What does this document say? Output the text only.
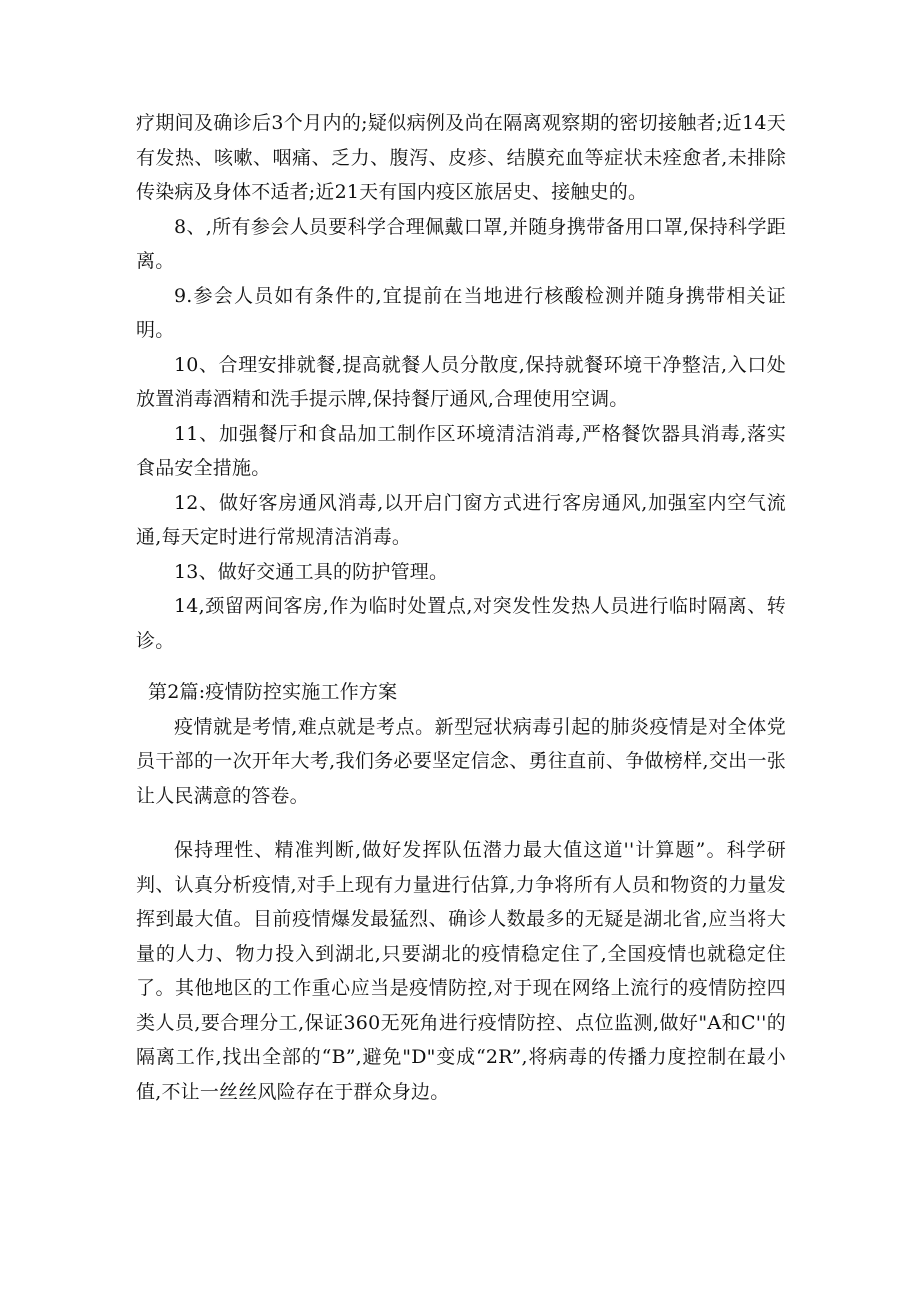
疗期间及确诊后3个月内的;疑似病例及尚在隔离观察期的密切接触者;近14天有发热、咳嗽、咽痛、乏力、腹泻、皮疹、结膜充血等症状未痊愈者,未排除传染病及身体不适者;近21天有国内疫区旅居史、接触史的。

8、,所有参会人员要科学合理佩戴口罩,并随身携带备用口罩,保持科学距离。

9.参会人员如有条件的,宜提前在当地进行核酸检测并随身携带相关证明。

10、合理安排就餐,提高就餐人员分散度,保持就餐环境干净整洁,入口处放置消毒酒精和洗手提示牌,保持餐厅通风,合理使用空调。

11、加强餐厅和食品加工制作区环境清洁消毒,严格餐饮器具消毒,落实食品安全措施。

12、做好客房通风消毒,以开启门窗方式进行客房通风,加强室内空气流通,每天定时进行常规清洁消毒。

13、做好交通工具的防护管理。

14,颈留两间客房,作为临时处置点,对突发性发热人员进行临时隔离、转诊。

第2篇:疫情防控实施工作方案

疫情就是考情,难点就是考点。新型冠状病毒引起的肺炎疫情是对全体党员干部的一次开年大考,我们务必要坚定信念、勇往直前、争做榜样,交出一张让人民满意的答卷。

保持理性、精准判断,做好发挥队伍潜力最大值这道''计算题”。科学研判、认真分析疫情,对手上现有力量进行估算,力争将所有人员和物资的力量发挥到最大值。目前疫情爆发最猛烈、确诊人数最多的无疑是湖北省,应当将大量的人力、物力投入到湖北,只要湖北的疫情稳定住了,全国疫情也就稳定住了。其他地区的工作重心应当是疫情防控,对于现在网络上流行的疫情防控四类人员,要合理分工,保证360无死角进行疫情防控、点位监测,做好"A和C''的隔离工作,找出全部的“B”,避免"D"变成“2R”,将病毒的传播力度控制在最小值,不让一丝丝风险存在于群众身边。
